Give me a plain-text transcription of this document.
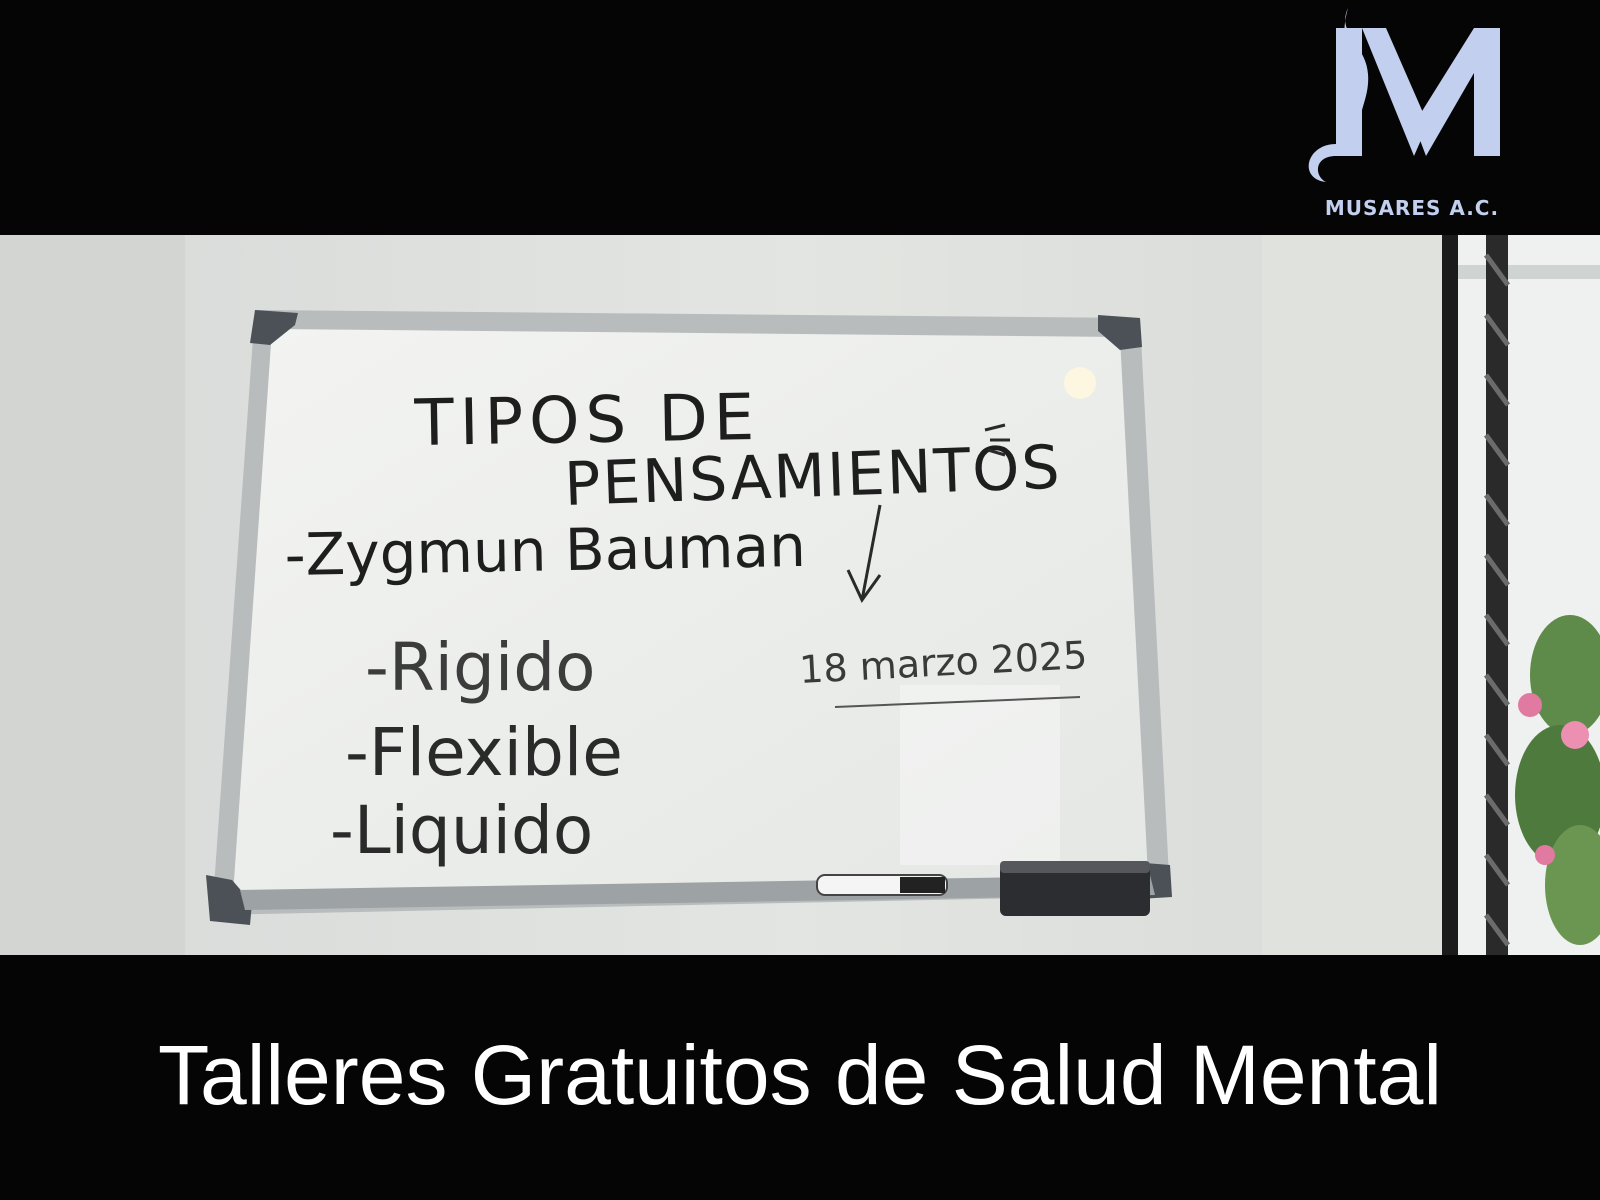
MUSARES A.C.
TIPOS DE
PENSAMIENTOS
-Zygmun Bauman
-Rigido
-Flexible
-Liquido
18 marzo 2025
Talleres Gratuitos de Salud Mental
